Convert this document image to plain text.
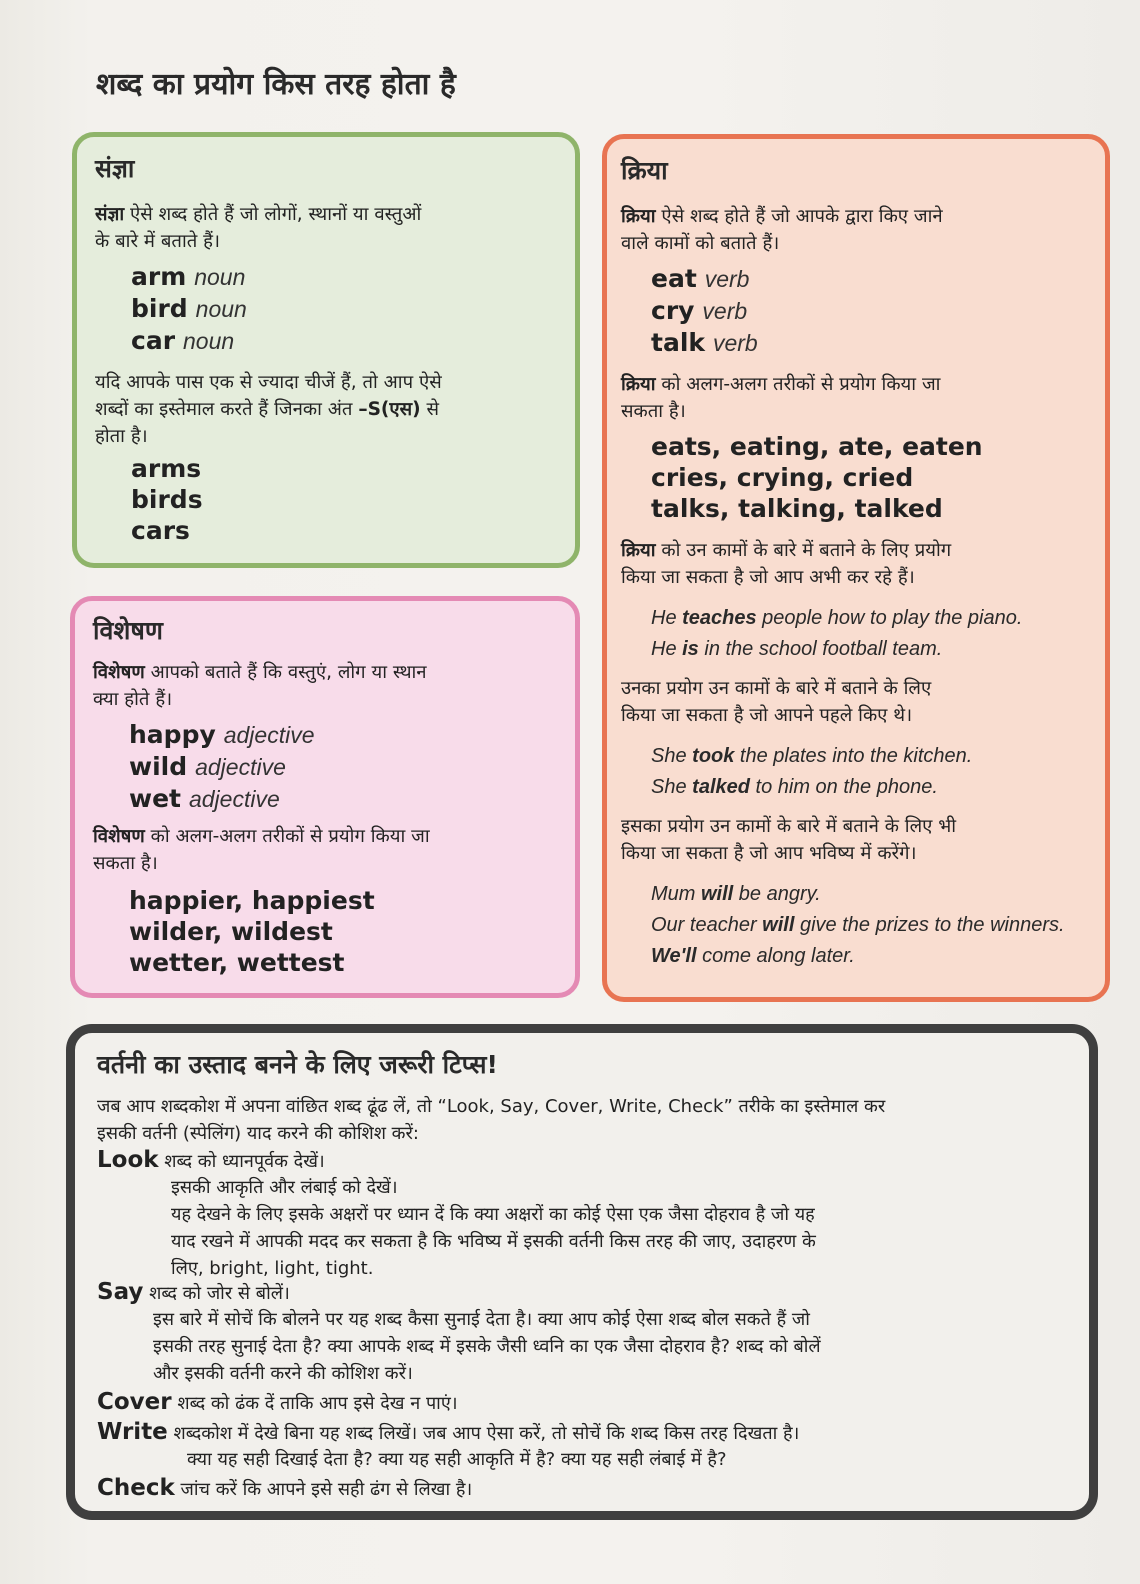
शब्द का प्रयोग किस तरह होता है
संज्ञा
संज्ञा ऐसे शब्द होते हैं जो लोगों, स्थानों या वस्तुओं
के बारे में बताते हैं।
arm noun
bird noun
car noun
यदि आपके पास एक से ज्यादा चीजें हैं, तो आप ऐसे
शब्दों का इस्तेमाल करते हैं जिनका अंत –S(एस) से
होता है।
arms
birds
cars
विशेषण
विशेषण आपको बताते हैं कि वस्तुएं, लोग या स्थान
क्या होते हैं।
happy adjective
wild adjective
wet adjective
विशेषण को अलग-अलग तरीकों से प्रयोग किया जा
सकता है।
happier, happiest
wilder, wildest
wetter, wettest
क्रिया
क्रिया ऐसे शब्द होते हैं जो आपके द्वारा किए जाने
वाले कामों को बताते हैं।
eat verb
cry verb
talk verb
क्रिया को अलग-अलग तरीकों से प्रयोग किया जा
सकता है।
eats, eating, ate, eaten
cries, crying, cried
talks, talking, talked
क्रिया को उन कामों के बारे में बताने के लिए प्रयोग
किया जा सकता है जो आप अभी कर रहे हैं।
He teaches people how to play the piano.
He is in the school football team.
उनका प्रयोग उन कामों के बारे में बताने के लिए
किया जा सकता है जो आपने पहले किए थे।
She took the plates into the kitchen.
She talked to him on the phone.
इसका प्रयोग उन कामों के बारे में बताने के लिए भी
किया जा सकता है जो आप भविष्य में करेंगे।
Mum will be angry.
Our teacher will give the prizes to the winners.
We'll come along later.
वर्तनी का उस्ताद बनने के लिए जरूरी टिप्स!
जब आप शब्दकोश में अपना वांछित शब्द ढूंढ लें, तो “Look, Say, Cover, Write, Check” तरीके का इस्तेमाल कर
इसकी वर्तनी (स्पेलिंग) याद करने की कोशिश करें:
Look शब्द को ध्यानपूर्वक देखें।
इसकी आकृति और लंबाई को देखें।
यह देखने के लिए इसके अक्षरों पर ध्यान दें कि क्या अक्षरों का कोई ऐसा एक जैसा दोहराव है जो यह
याद रखने में आपकी मदद कर सकता है कि भविष्य में इसकी वर्तनी किस तरह की जाए, उदाहरण के
लिए, bright, light, tight.
Say शब्द को जोर से बोलें।
इस बारे में सोचें कि बोलने पर यह शब्द कैसा सुनाई देता है। क्या आप कोई ऐसा शब्द बोल सकते हैं जो
इसकी तरह सुनाई देता है? क्या आपके शब्द में इसके जैसी ध्वनि का एक जैसा दोहराव है? शब्द को बोलें
और इसकी वर्तनी करने की कोशिश करें।
Cover शब्द को ढंक दें ताकि आप इसे देख न पाएं।
Write शब्दकोश में देखे बिना यह शब्द लिखें। जब आप ऐसा करें, तो सोचें कि शब्द किस तरह दिखता है।
क्या यह सही दिखाई देता है? क्या यह सही आकृति में है? क्या यह सही लंबाई में है?
Check जांच करें कि आपने इसे सही ढंग से लिखा है।
